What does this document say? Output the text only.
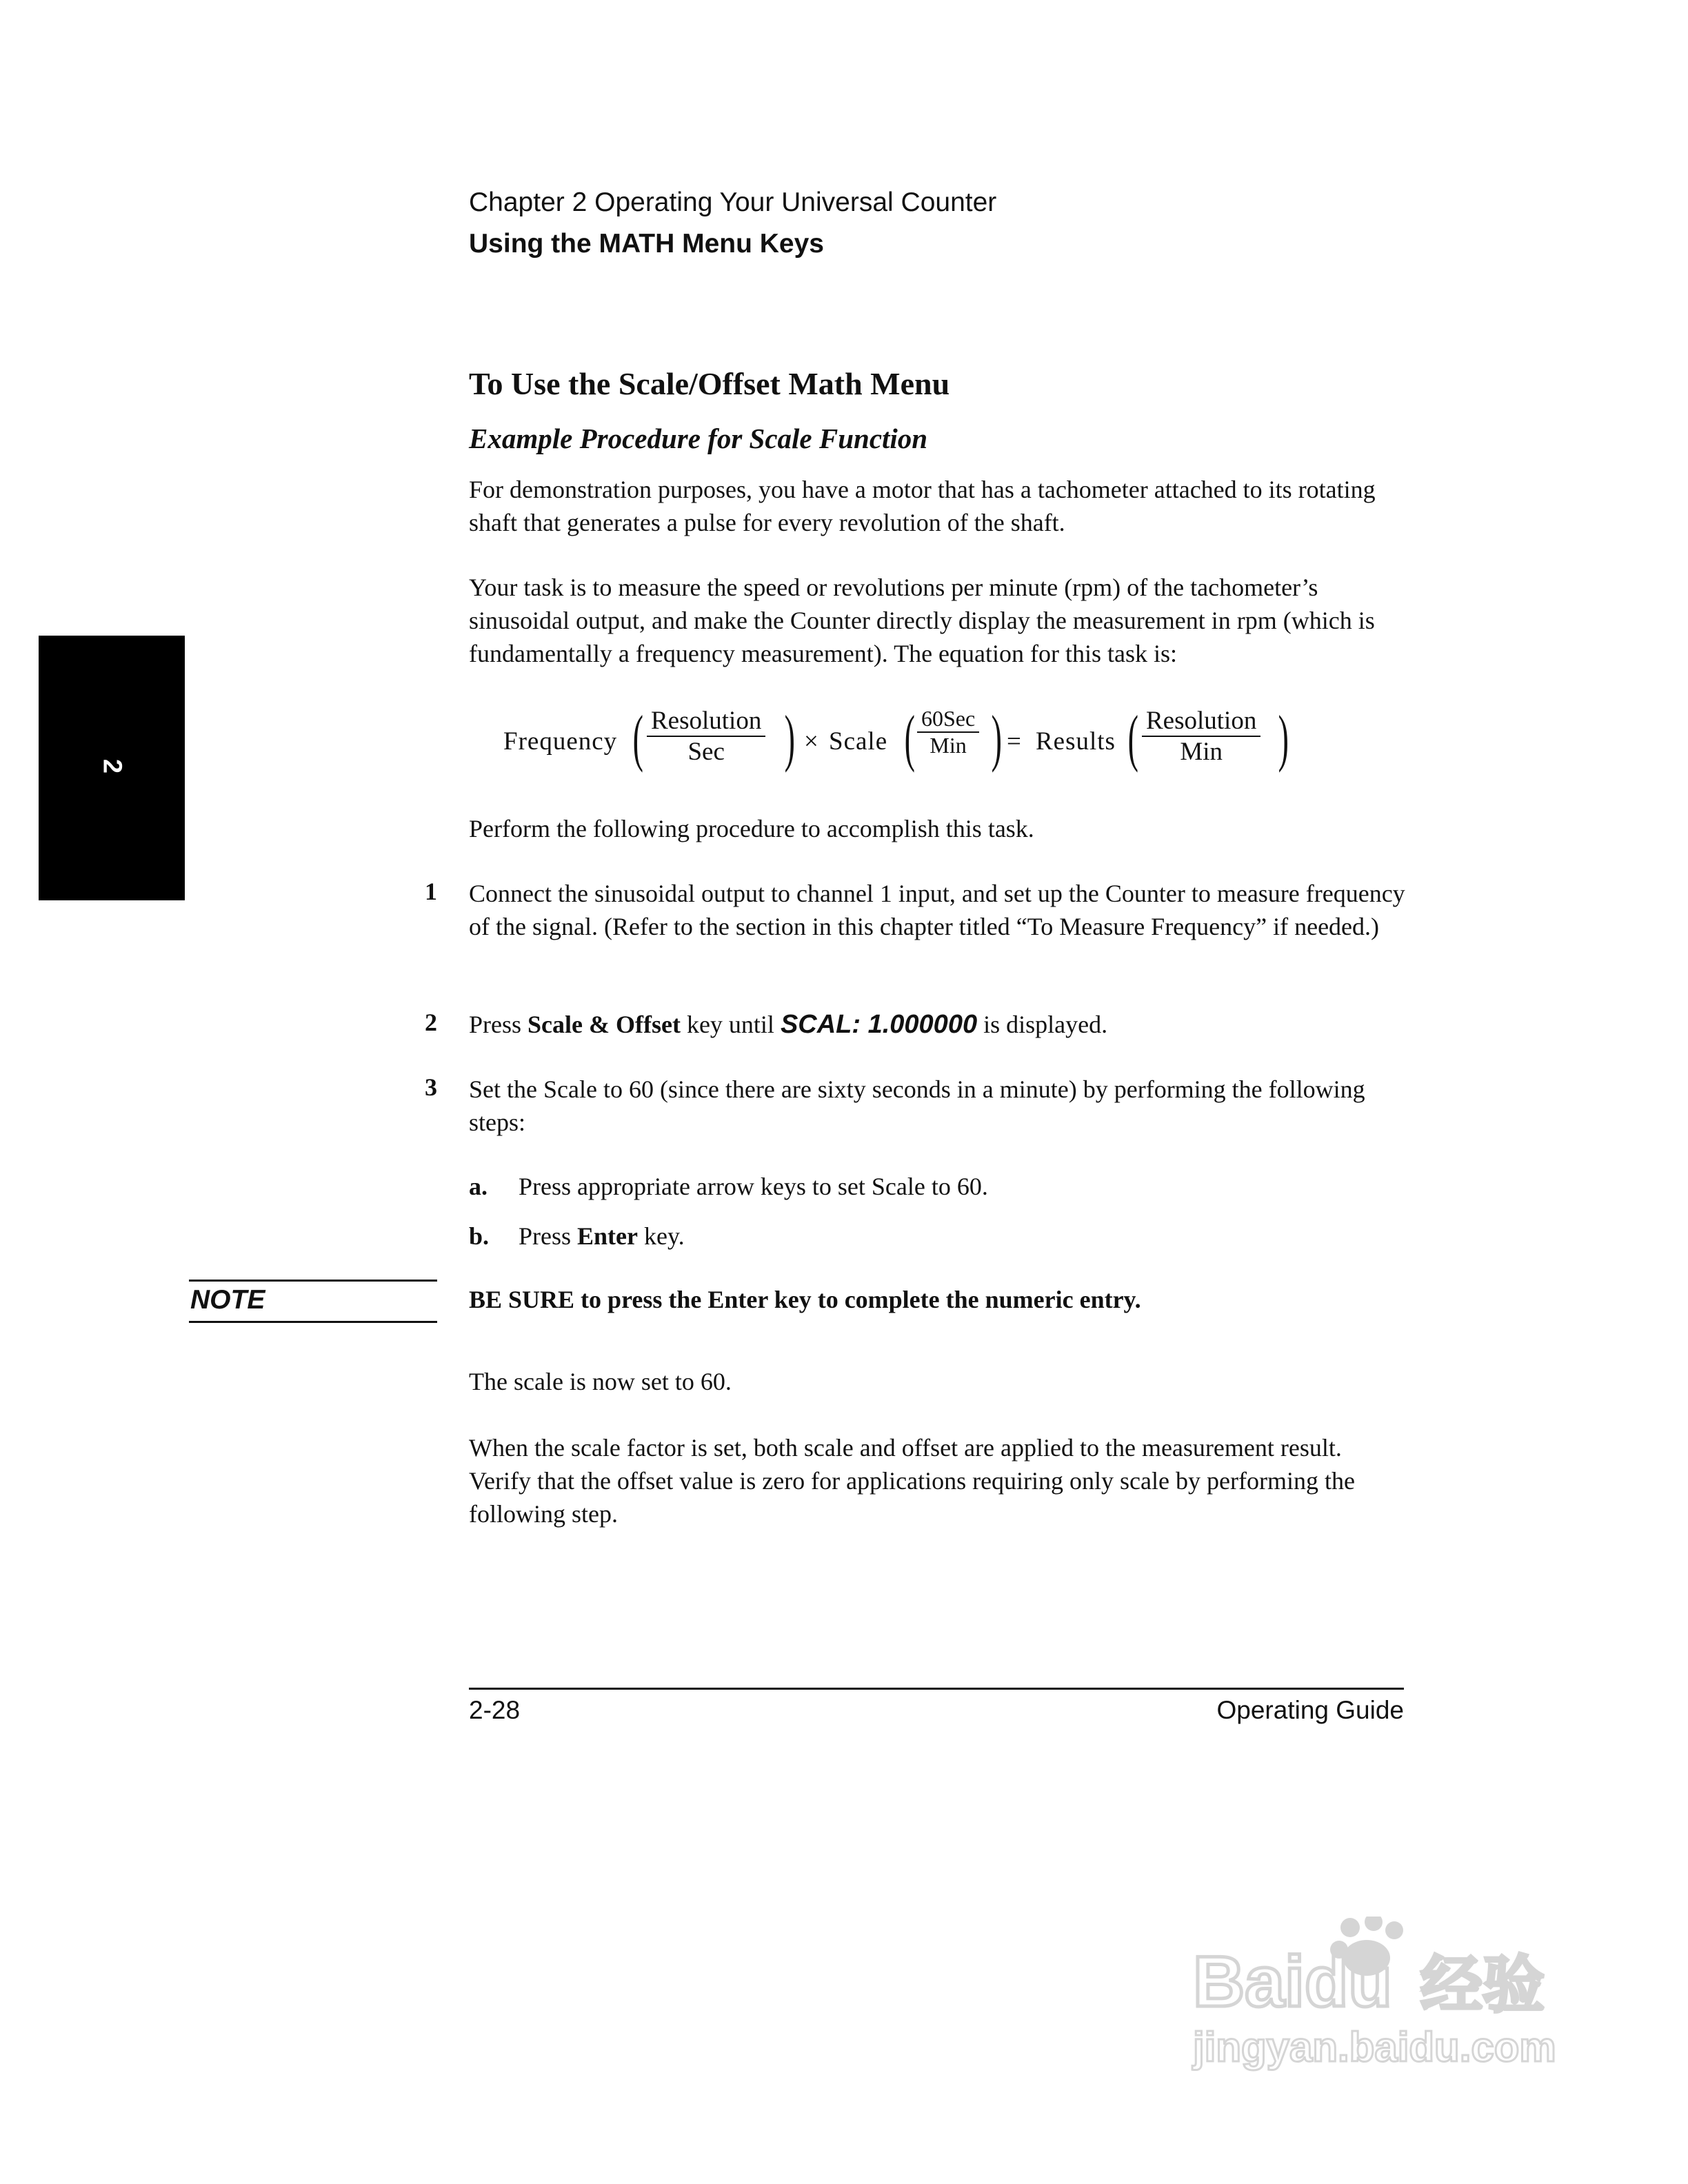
Chapter 2 Operating Your Universal Counter
Using the MATH Menu Keys
2
To Use the Scale/Offset Math Menu
Example Procedure for Scale Function
For demonstration purposes, you have a motor that has a tachometer attached to its rotating shaft that generates a pulse for every revolution of the shaft.
Your task is to measure the speed or revolutions per minute (rpm) of the tachometer’s sinusoidal output, and make the Counter directly display the measurement in rpm (which is fundamentally a frequency measurement). The equation for this task is:
Frequency ( Resolution
Sec ) × Scale ( 60Sec
Min ) = Results ( Resolution
Min )
Perform the following procedure to accomplish this task.
1 Connect the sinusoidal output to channel 1 input, and set up the Counter to measure frequency of the signal. (Refer to the section in this chapter titled “To Measure Frequency” if needed.)
2 Press Scale & Offset key until SCAL: 1.000000 is displayed.
3 Set the Scale to 60 (since there are sixty seconds in a minute) by performing the following steps:
a. Press appropriate arrow keys to set Scale to 60.
b. Press Enter key.
NOTE	BE SURE to press the Enter key to complete the numeric entry.
The scale is now set to 60.
When the scale factor is set, both scale and offset are applied to the measurement result. Verify that the offset value is zero for applications requiring only scale by performing the following step.
2-28	Operating Guide
Baidu 经验
jingyan.baidu.com
